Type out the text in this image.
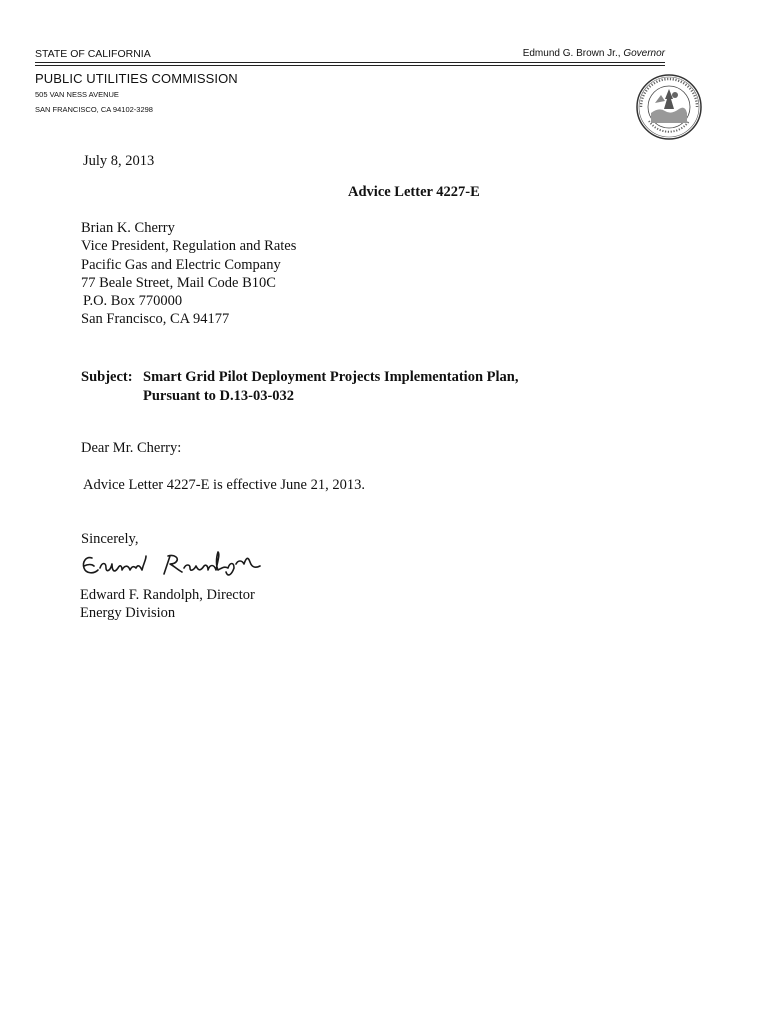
STATE OF CALIFORNIA	Edmund G. Brown Jr., Governor
PUBLIC UTILITIES COMMISSION
505 VAN NESS AVENUE
SAN FRANCISCO, CA 94102-3298
July 8, 2013
Advice Letter 4227-E
Brian K. Cherry
Vice President, Regulation and Rates
Pacific Gas and Electric Company
77 Beale Street, Mail Code B10C
P.O. Box 770000
San Francisco, CA 94177
Subject: Smart Grid Pilot Deployment Projects Implementation Plan,
Pursuant to D.13-03-032
Dear Mr. Cherry:
Advice Letter 4227-E is effective June 21, 2013.
Sincerely,
Edward F. Randolph, Director
Energy Division
